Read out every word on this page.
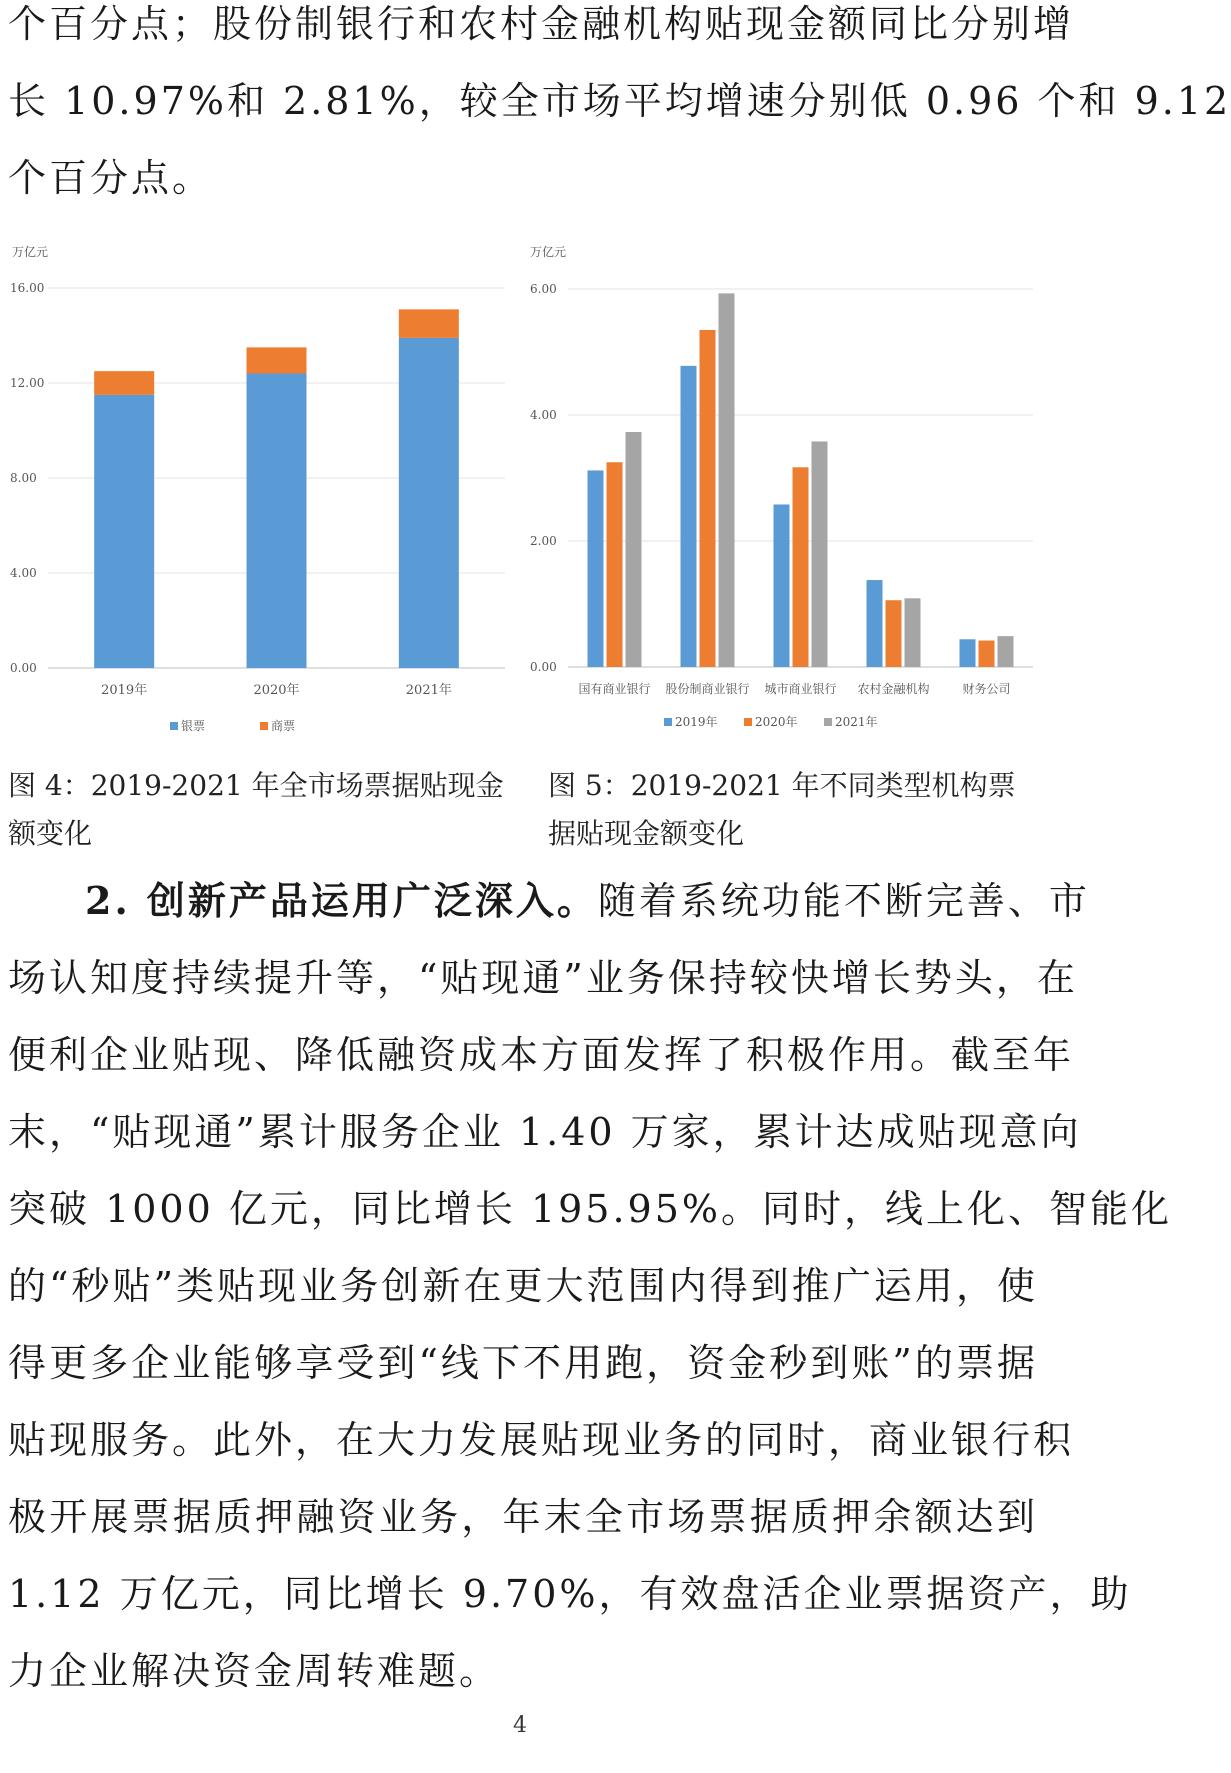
个百分点；股份制银行和农村金融机构贴现金额同比分别增
长 10.97%和 2.81%，较全市场平均增速分别低 0.96 个和 9.12
个百分点。
万亿元
0.00
4.00
8.00
12.00
16.00
2019年	2020年	2021年
银票	商票
万亿元
0.00
2.00
4.00
6.00
国有商业银行 股份制商业银行 城市商业银行 农村金融机构	财务公司
2019年	2020年	2021年

图 4：2019-2021 年全市场票据贴现金额变化

图 5：2019-2021 年不同类型机构票据贴现金额变化

2. 创新产品运用广泛深入。随着系统功能不断完善、市
场认知度持续提升等，“贴现通”业务保持较快增长势头，在
便利企业贴现、降低融资成本方面发挥了积极作用。截至年
末，“贴现通”累计服务企业 1.40 万家，累计达成贴现意向
突破 1000 亿元，同比增长 195.95%。同时，线上化、智能化
的“秒贴”类贴现业务创新在更大范围内得到推广运用，使
得更多企业能够享受到“线下不用跑，资金秒到账”的票据
贴现服务。此外，在大力发展贴现业务的同时，商业银行积
极开展票据质押融资业务，年末全市场票据质押余额达到
1.12 万亿元，同比增长 9.70%，有效盘活企业票据资产，助
力企业解决资金周转难题。
4
